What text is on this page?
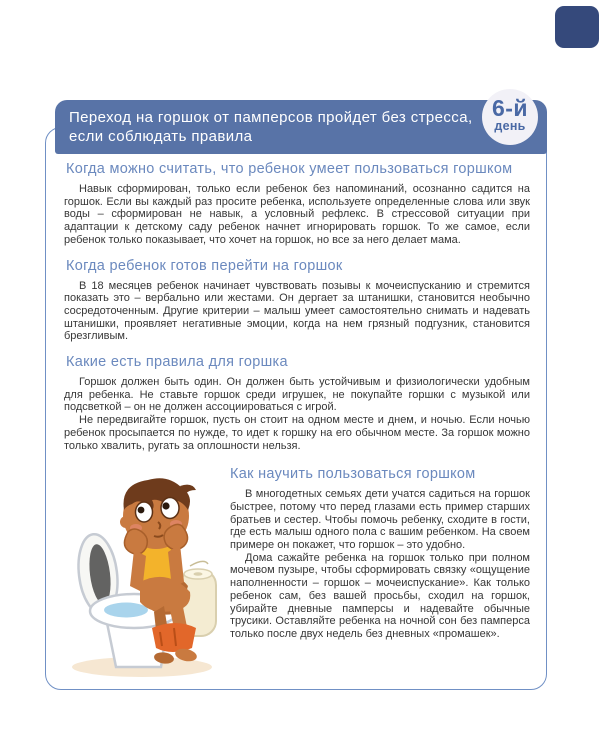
Когда можно считать, что ребенок умеет пользоваться горшком

Навык сформирован, только если ребенок без напоминаний, осознанно садится на горшок. Если вы каждый раз просите ребенка, используете определенные слова или звук воды – сформирован не навык, а условный рефлекс. В стрессовой ситуации при адаптации к детскому саду ребенок начнет игнорировать горшок. То же самое, если ребенок только показывает, что хочет на горшок, но все за него делает мама.

Когда ребенок готов перейти на горшок

В 18 месяцев ребенок начинает чувствовать позывы к мочеиспусканию и стремится показать это – вербально или жестами. Он дергает за штанишки, становится необычно сосредоточенным. Другие критерии – малыш умеет самостоятельно снимать и надевать штанишки, проявляет негативные эмоции, когда на нем грязный подгузник, становится брезгливым.

Какие есть правила для горшка

Горшок должен быть один. Он должен быть устойчивым и физиологически удобным для ребенка. Не ставьте горшок среди игрушек, не покупайте горшки с музыкой или подсветкой – он не должен ассоциироваться с игрой.

Не передвигайте горшок, пусть он стоит на одном месте и днем, и ночью. Если ночью ребенок просыпается по нужде, то идет к горшку на его обычном месте. За горшок можно только хвалить, ругать за оплошности нельзя.

Как научить пользоваться горшком

В многодетных семьях дети учатся садиться на горшок быстрее, потому что перед глазами есть пример старших братьев и сестер. Чтобы помочь ребенку, сходите в гости, где есть малыш одного пола с вашим ребенком. На своем примере он покажет, что горшок – это удобно.

Дома сажайте ребенка на горшок только при полном мочевом пузыре, чтобы сформировать связку «ощущение наполненности – горшок – мочеиспускание». Как только ребенок сам, без вашей просьбы, сходил на горшок, убирайте дневные памперсы и надевайте обычные трусики. Оставляйте ребенка на ночной сон без памперса только после двух недель без дневных «промашек».

Переход на горшок от памперсов пройдет без стресса,
если соблюдать правила
6-й
день
